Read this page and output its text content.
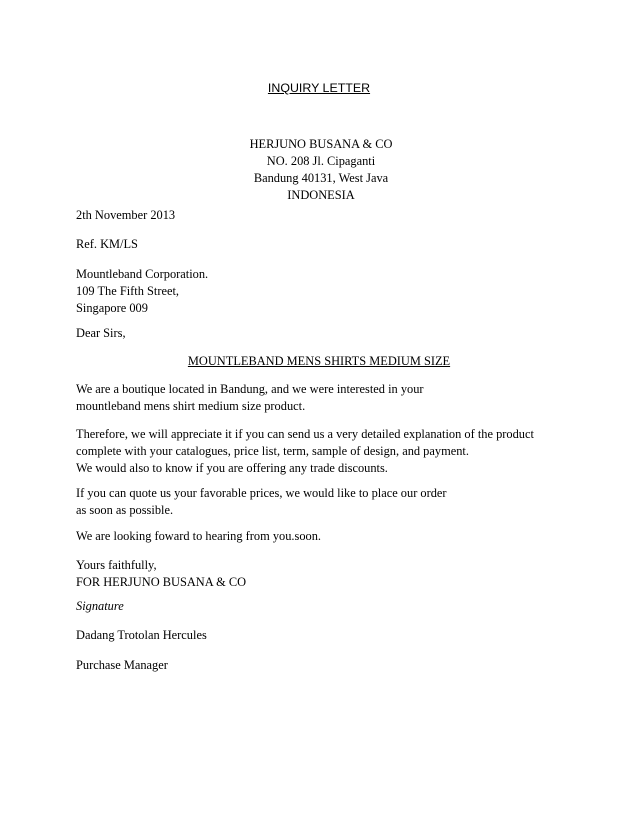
INQUIRY LETTER
HERJUNO BUSANA & CO
NO. 208 Jl. Cipaganti
Bandung 40131, West Java
INDONESIA
2th November 2013
Ref. KM/LS
Mountleband Corporation.
109 The Fifth Street,
Singapore 009
Dear Sirs,
MOUNTLEBAND MENS SHIRTS MEDIUM SIZE
We are a boutique located in Bandung, and we were interested in your
mountleband mens shirt medium size product.
Therefore, we will appreciate it if you can send us a very detailed explanation of the product
complete with your catalogues, price list, term, sample of design, and payment.
We would also to know if you are offering any trade discounts.
If you can quote us your favorable prices, we would like to place our order
as soon as possible.
We are looking foward to hearing from you.soon.
Yours faithfully,
FOR HERJUNO BUSANA & CO
Signature
Dadang Trotolan Hercules
Purchase Manager
